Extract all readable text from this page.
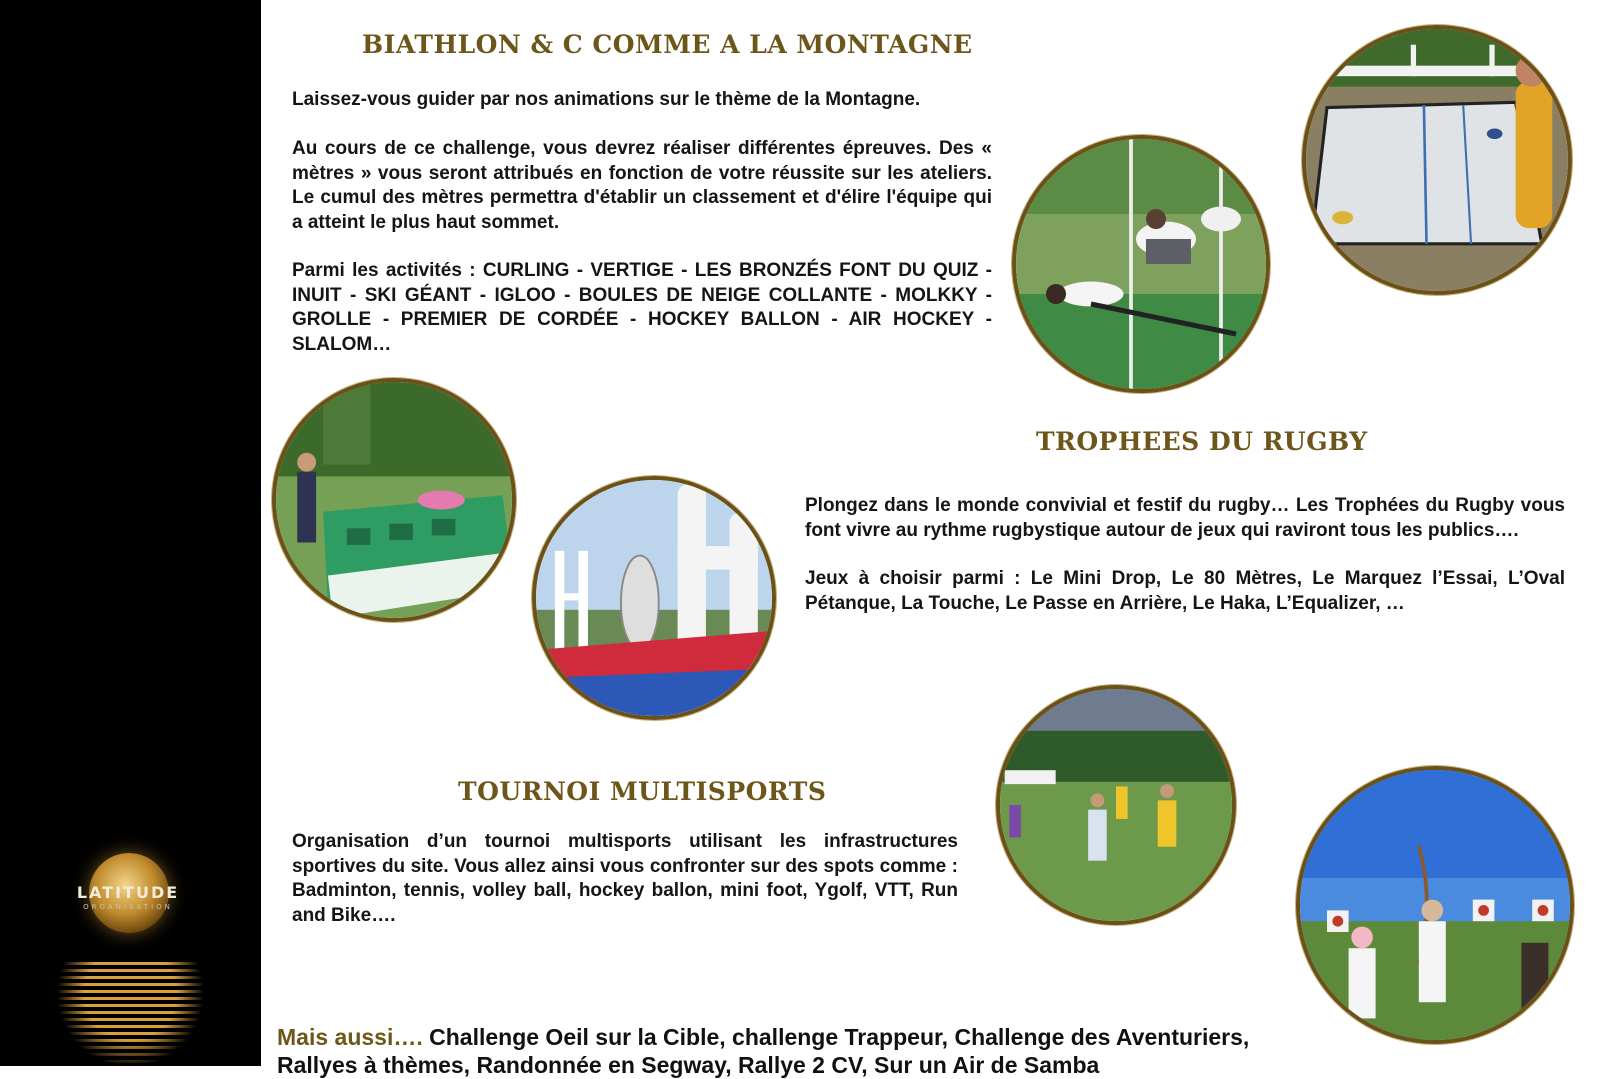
LATITUDE
ORGANISATION
BIATHLON & C COMME A LA MONTAGNE

Laissez-vous guider par nos animations sur le thème de la Montagne.

Au cours de ce challenge, vous devrez réaliser différentes épreuves. Des « mètres » vous seront attribués en fonction de votre réussite sur les ateliers. Le cumul des mètres permettra d'établir un classement et d'élire l'équipe qui a atteint le plus haut sommet.

Parmi les activités : CURLING - VERTIGE - LES BRONZÉS FONT DU QUIZ - INUIT - SKI GÉANT - IGLOO - BOULES DE NEIGE COLLANTE - MOLKKY - GROLLE - PREMIER DE CORDÉE - HOCKEY BALLON - AIR HOCKEY - SLALOM…

TROPHEES DU RUGBY

Plongez dans le monde convivial et festif du rugby… Les Trophées du Rugby vous font vivre au rythme rugbystique autour de jeux qui raviront tous les publics….

Jeux à choisir parmi : Le Mini Drop, Le 80 Mètres, Le Marquez l’Essai, L’Oval Pétanque, La Touche, Le Passe en Arrière, Le Haka, L’Equalizer, …

TOURNOI MULTISPORTS

Organisation d’un tournoi multisports utilisant les infrastructures sportives du site. Vous allez ainsi vous confronter sur des spots comme : Badminton, tennis, volley ball, hockey ballon, mini foot, Ygolf, VTT, Run and Bike….

Mais aussi…. Challenge Oeil sur la Cible, challenge Trappeur, Challenge des Aventuriers,
Rallyes à thèmes, Randonnée en Segway, Rallye 2 CV, Sur un Air de Samba
